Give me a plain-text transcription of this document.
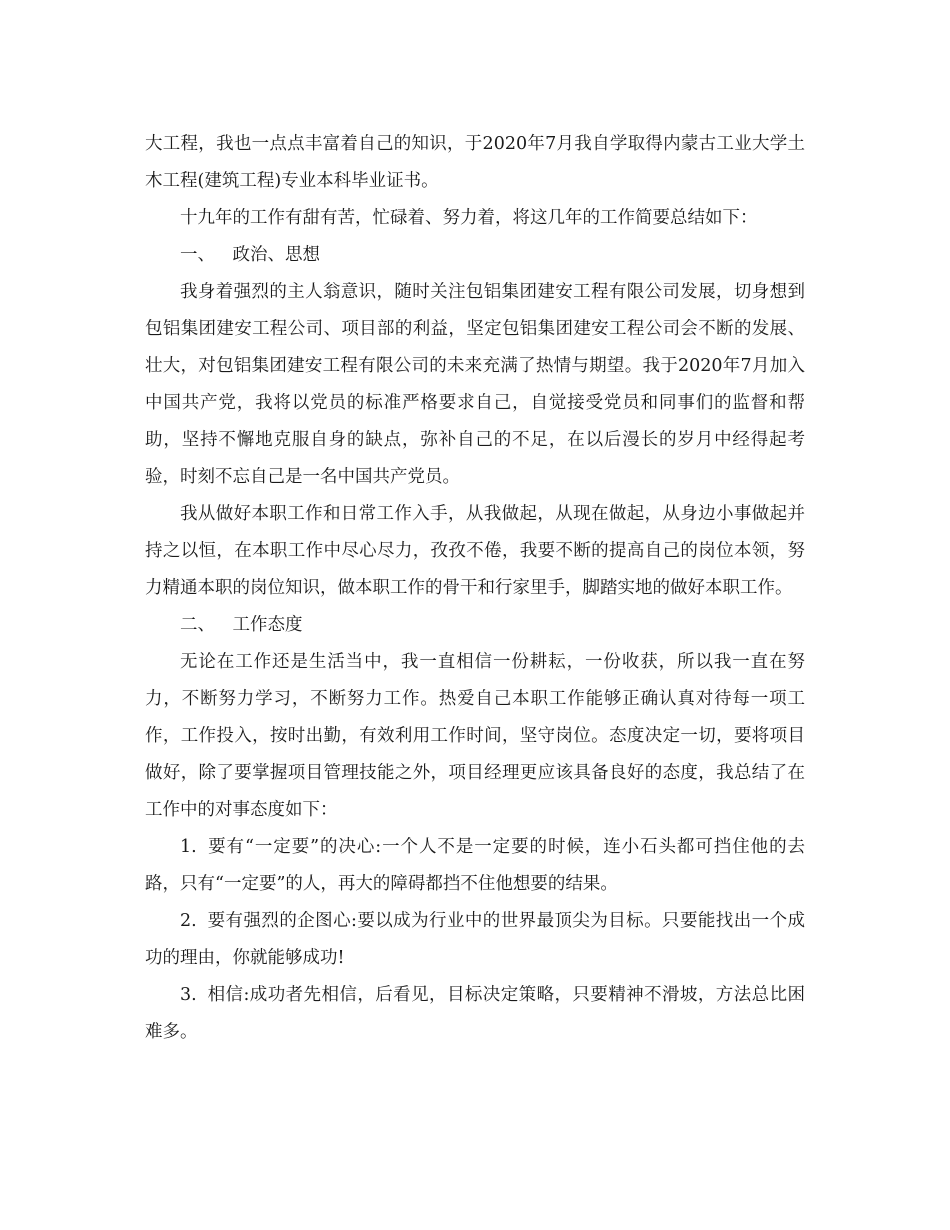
大工程，我也一点点丰富着自己的知识，于2020年7月我自学取得内蒙古工业大学土木工程(建筑工程)专业本科毕业证书。

十九年的工作有甜有苦，忙碌着、努力着，将这几年的工作简要总结如下：

一、 政治、思想

我身着强烈的主人翁意识，随时关注包铝集团建安工程有限公司发展，切身想到包铝集团建安工程公司、项目部的利益，坚定包铝集团建安工程公司会不断的发展、壮大，对包铝集团建安工程有限公司的未来充满了热情与期望。我于2020年7月加入中国共产党，我将以党员的标准严格要求自己，自觉接受党员和同事们的监督和帮助，坚持不懈地克服自身的缺点，弥补自己的不足，在以后漫长的岁月中经得起考验，时刻不忘自己是一名中国共产党员。

我从做好本职工作和日常工作入手，从我做起，从现在做起，从身边小事做起并持之以恒，在本职工作中尽心尽力，孜孜不倦，我要不断的提高自己的岗位本领，努力精通本职的岗位知识，做本职工作的骨干和行家里手，脚踏实地的做好本职工作。

二、 工作态度

无论在工作还是生活当中，我一直相信一份耕耘，一份收获，所以我一直在努力，不断努力学习，不断努力工作。热爱自己本职工作能够正确认真对待每一项工作，工作投入，按时出勤，有效利用工作时间，坚守岗位。态度决定一切，要将项目做好，除了要掌握项目管理技能之外，项目经理更应该具备良好的态度，我总结了在工作中的对事态度如下：

1. 要有“一定要”的决心:一个人不是一定要的时候，连小石头都可挡住他的去路，只有“一定要”的人，再大的障碍都挡不住他想要的结果。

2. 要有强烈的企图心:要以成为行业中的世界最顶尖为目标。只要能找出一个成功的理由，你就能够成功!

3. 相信:成功者先相信，后看见，目标决定策略，只要精神不滑坡，方法总比困难多。
